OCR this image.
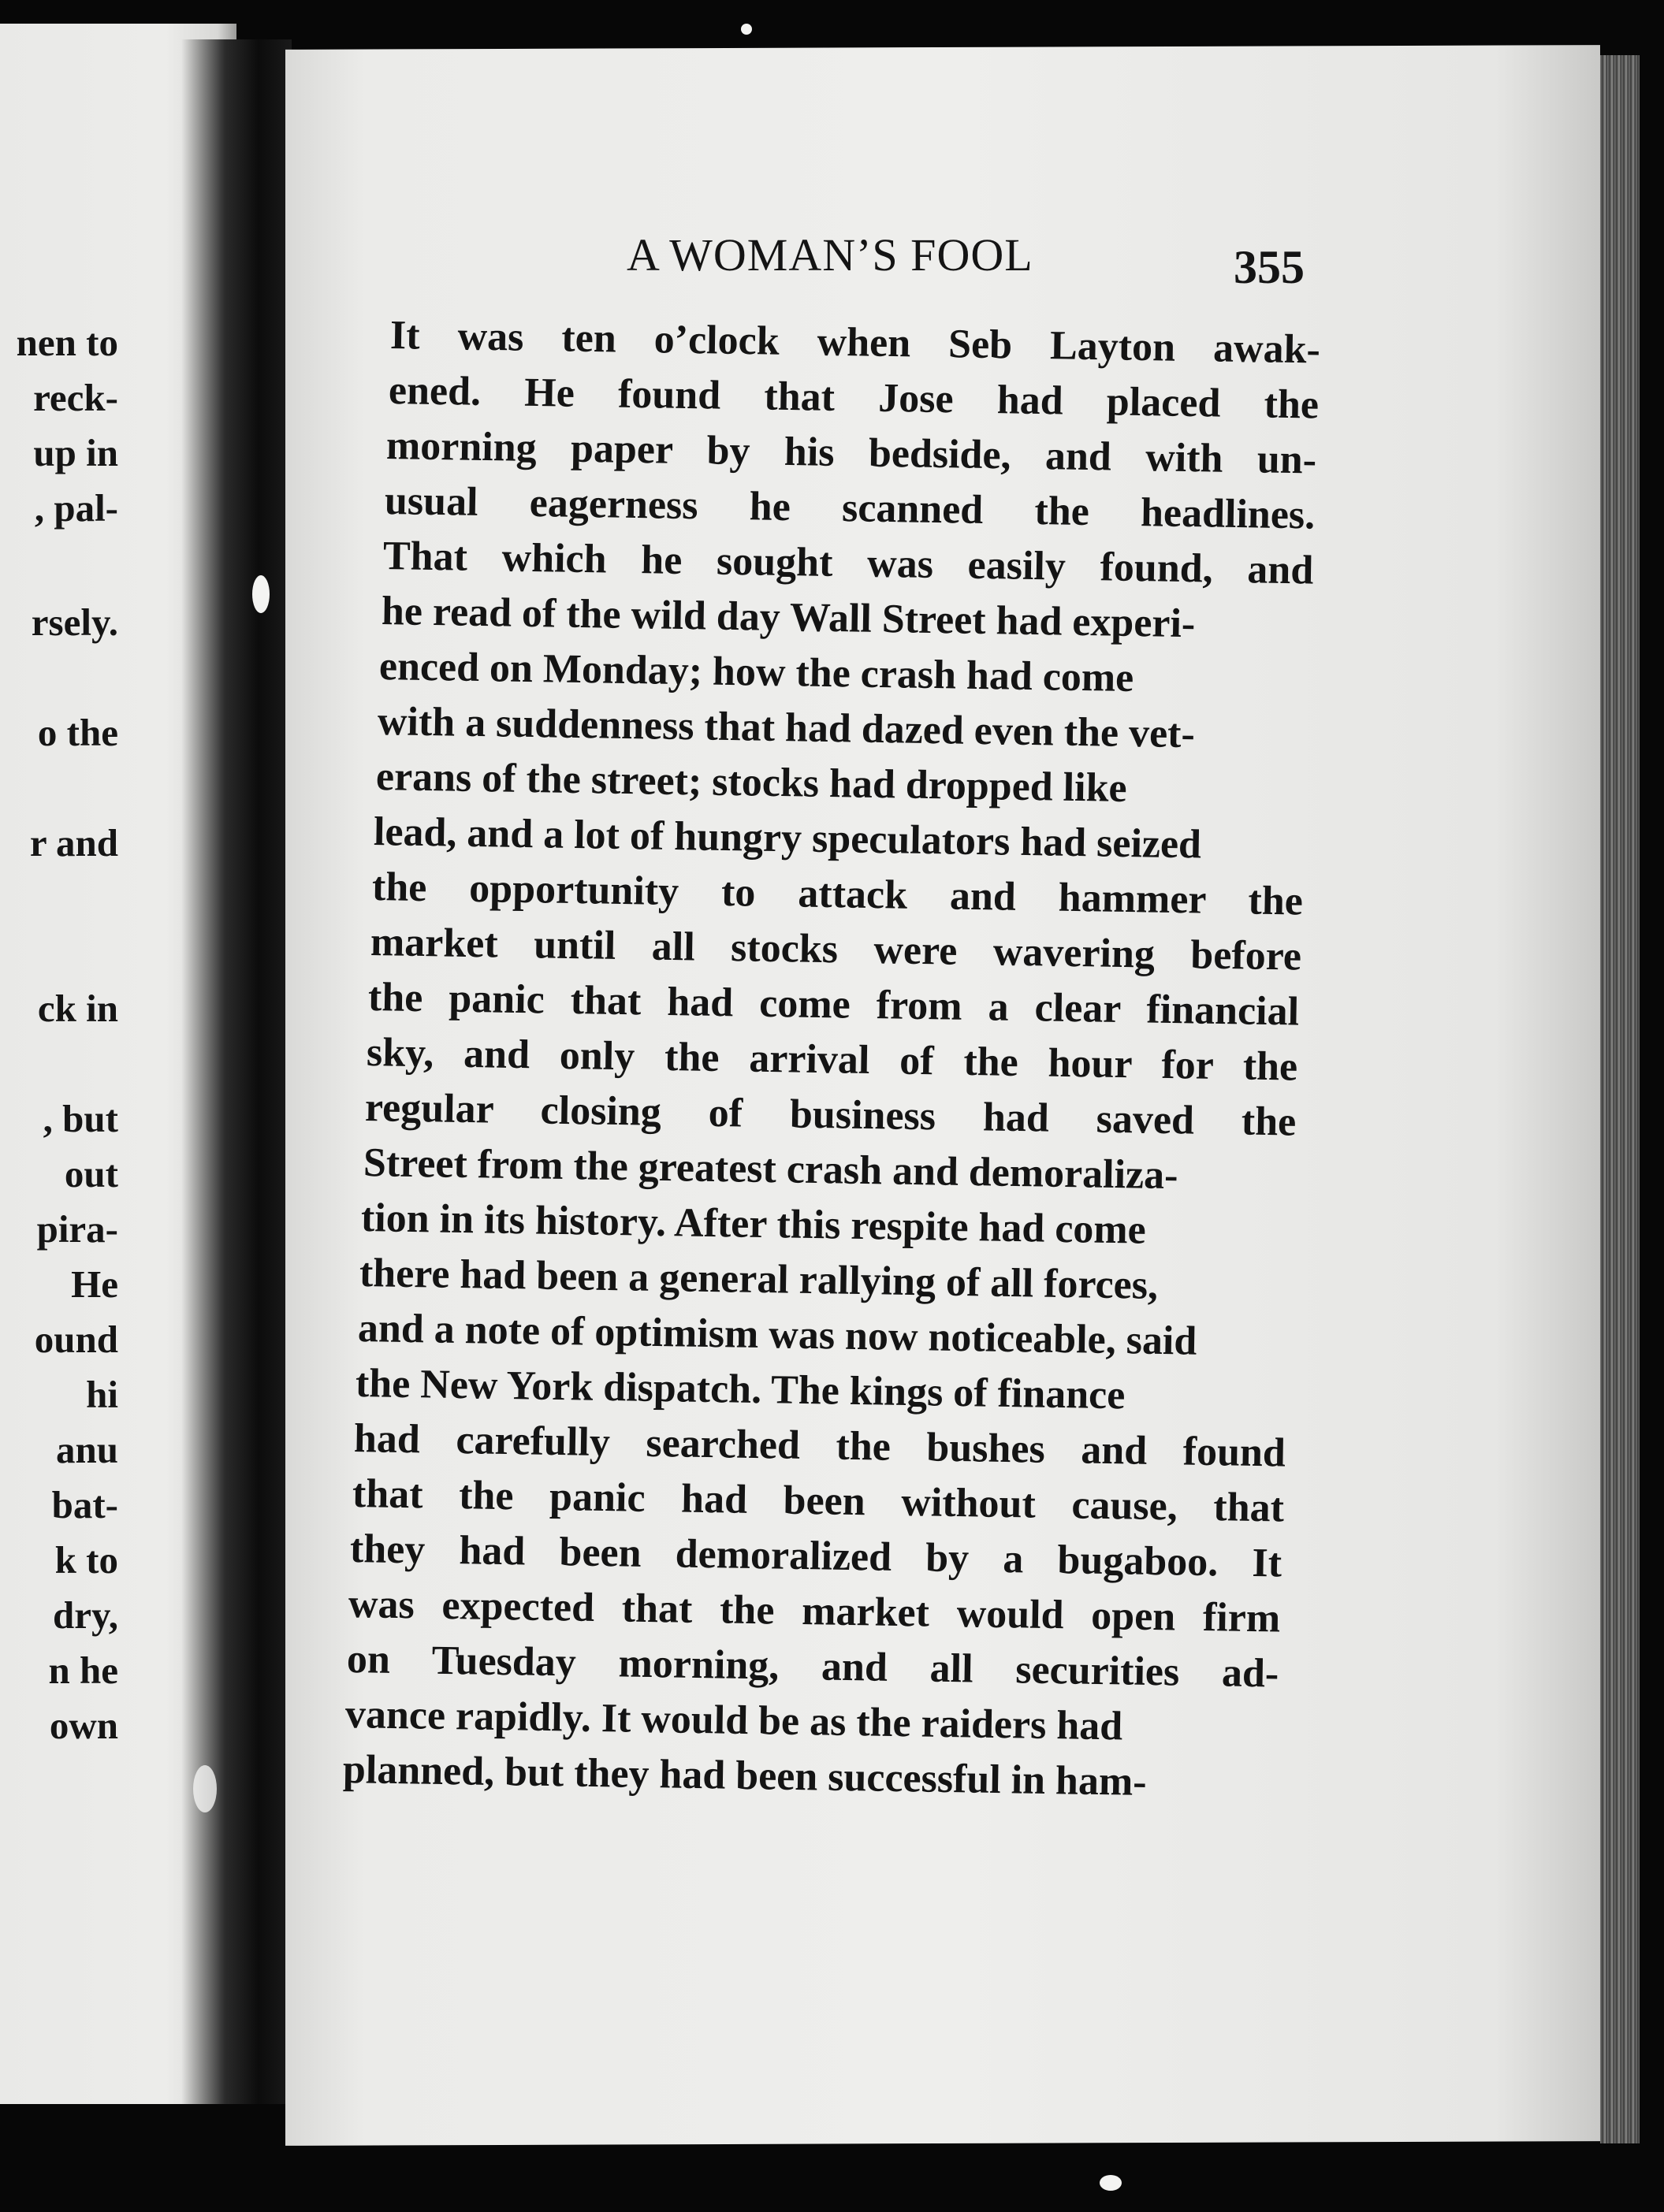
nen to
reck-
up in
, pal-
rsely.
o the
r and
ck in
, but
out
pira-
He
ound
hi
anu
bat-
k to
dry,
n he
own
A WOMAN’S FOOL	355
It was ten o’clock when Seb Layton awak-
ened. He found that Jose had placed the
morning paper by his bedside, and with un-
usual eagerness he scanned the headlines.
That which he sought was easily found, and
he read of the wild day Wall Street had experi-
enced on Monday; how the crash had come
with a suddenness that had dazed even the vet-
erans of the street; stocks had dropped like
lead, and a lot of hungry speculators had seized
the opportunity to attack and hammer the
market until all stocks were wavering before
the panic that had come from a clear financial
sky, and only the arrival of the hour for the
regular closing of business had saved the
Street from the greatest crash and demoraliza-
tion in its history. After this respite had come
there had been a general rallying of all forces,
and a note of optimism was now noticeable, said
the New York dispatch. The kings of finance
had carefully searched the bushes and found
that the panic had been without cause, that
they had been demoralized by a bugaboo. It
was expected that the market would open firm
on Tuesday morning, and all securities ad-
vance rapidly. It would be as the raiders had
planned, but they had been successful in ham-
